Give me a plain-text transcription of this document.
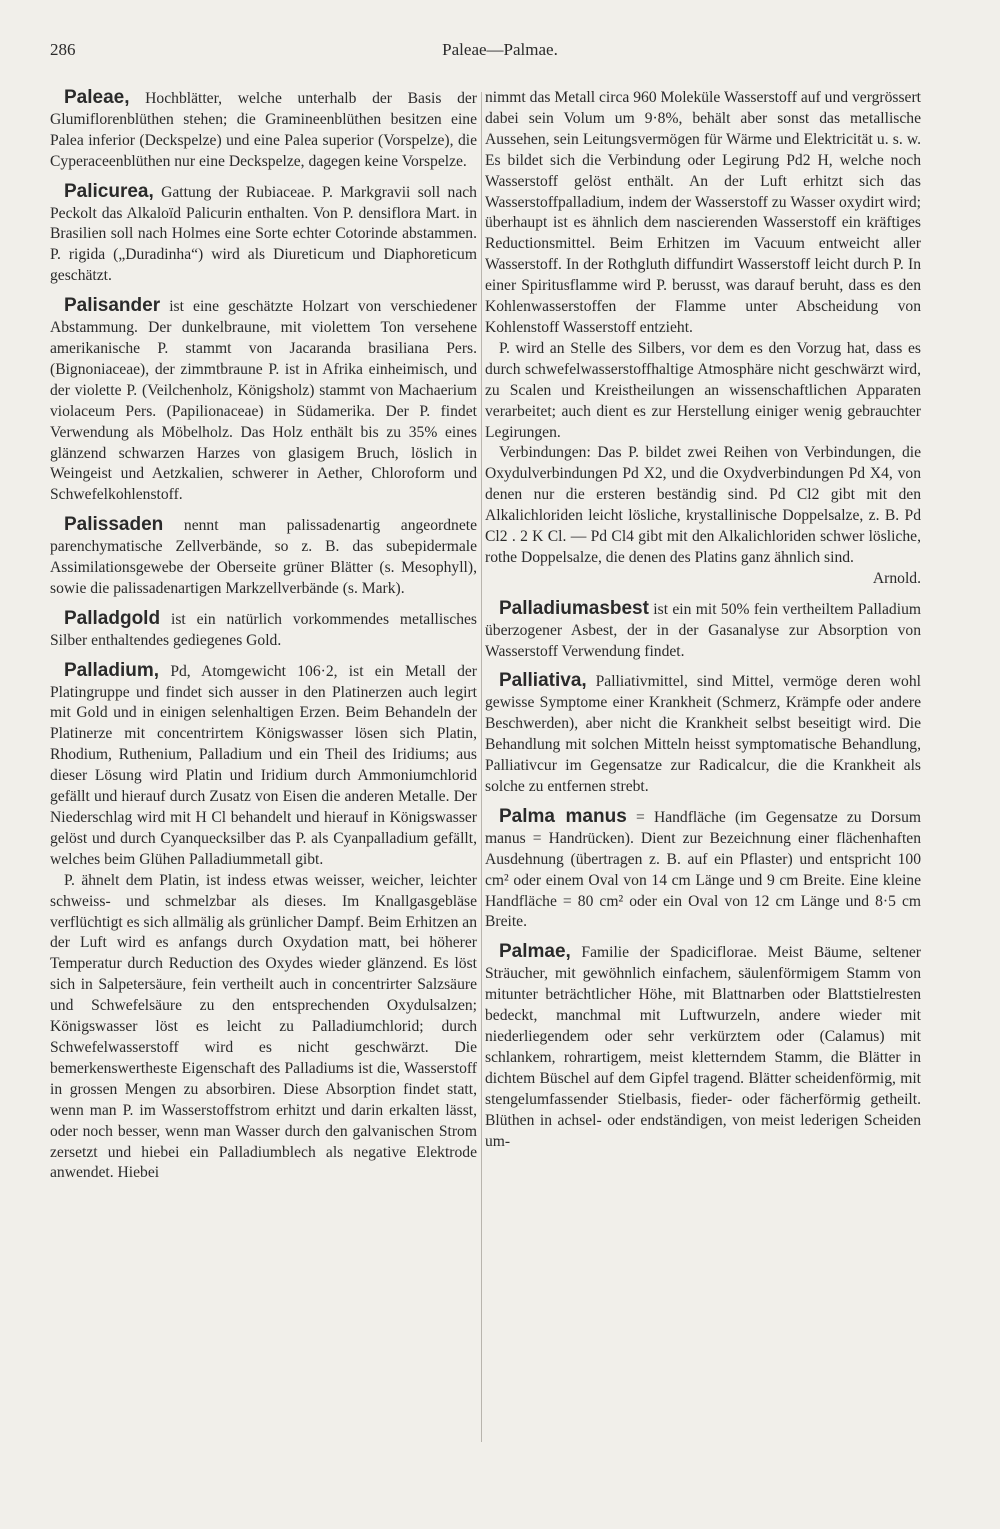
286	Paleae—Palmae.

Paleae, Hochblätter, welche unterhalb der Basis der Glumiflorenblüthen stehen; die Gramineenblüthen besitzen eine Palea inferior (Deckspelze) und eine Palea superior (Vorspelze), die Cyperaceenblüthen nur eine Deckspelze, dagegen keine Vorspelze.

Palicurea, Gattung der Rubiaceae. P. Markgravii soll nach Peckolt das Alkaloïd Palicurin enthalten. Von P. densiflora Mart. in Brasilien soll nach Holmes eine Sorte echter Cotorinde abstammen. P. rigida („Duradinha“) wird als Diureticum und Diaphoreticum geschätzt.

Palisander ist eine geschätzte Holzart von verschiedener Abstammung. Der dunkelbraune, mit violettem Ton versehene amerikanische P. stammt von Jacaranda brasiliana Pers. (Bignoniaceae), der zimmtbraune P. ist in Afrika einheimisch, und der violette P. (Veilchenholz, Königsholz) stammt von Machaerium violaceum Pers. (Papilionaceae) in Südamerika. Der P. findet Verwendung als Möbelholz. Das Holz enthält bis zu 35% eines glänzend schwarzen Harzes von glasigem Bruch, löslich in Weingeist und Aetzkalien, schwerer in Aether, Chloroform und Schwefelkohlenstoff.

Palissaden nennt man palissadenartig angeordnete parenchymatische Zellverbände, so z. B. das subepidermale Assimilationsgewebe der Oberseite grüner Blätter (s. Mesophyll), sowie die palissadenartigen Markzellverbände (s. Mark).

Palladgold ist ein natürlich vorkommendes metallisches Silber enthaltendes gediegenes Gold.

Palladium, Pd, Atomgewicht 106·2, ist ein Metall der Platingruppe und findet sich ausser in den Platinerzen auch legirt mit Gold und in einigen selenhaltigen Erzen. Beim Behandeln der Platinerze mit concentrirtem Königswasser lösen sich Platin, Rhodium, Ruthenium, Palladium und ein Theil des Iridiums; aus dieser Lösung wird Platin und Iridium durch Ammoniumchlorid gefällt und hierauf durch Zusatz von Eisen die anderen Metalle. Der Niederschlag wird mit H Cl behandelt und hierauf in Königswasser gelöst und durch Cyanquecksilber das P. als Cyanpalladium gefällt, welches beim Glühen Palladiummetall gibt.

P. ähnelt dem Platin, ist indess etwas weisser, weicher, leichter schweiss- und schmelzbar als dieses. Im Knallgasgebläse verflüchtigt es sich allmälig als grünlicher Dampf. Beim Erhitzen an der Luft wird es anfangs durch Oxydation matt, bei höherer Temperatur durch Reduction des Oxydes wieder glänzend. Es löst sich in Salpetersäure, fein vertheilt auch in concentrirter Salzsäure und Schwefelsäure zu den entsprechenden Oxydulsalzen; Königswasser löst es leicht zu Palladiumchlorid; durch Schwefelwasserstoff wird es nicht geschwärzt. Die bemerkenswertheste Eigenschaft des Palladiums ist die, Wasserstoff in grossen Mengen zu absorbiren. Diese Absorption findet statt, wenn man P. im Wasserstoffstrom erhitzt und darin erkalten lässt, oder noch besser, wenn man Wasser durch den galvanischen Strom zersetzt und hiebei ein Palladiumblech als negative Elektrode anwendet. Hiebei

nimmt das Metall circa 960 Moleküle Wasserstoff auf und vergrössert dabei sein Volum um 9·8%, behält aber sonst das metallische Aussehen, sein Leitungsvermögen für Wärme und Elektricität u. s. w. Es bildet sich die Verbindung oder Legirung Pd2 H, welche noch Wasserstoff gelöst enthält. An der Luft erhitzt sich das Wasserstoffpalladium, indem der Wasserstoff zu Wasser oxydirt wird; überhaupt ist es ähnlich dem nascierenden Wasserstoff ein kräftiges Reductionsmittel. Beim Erhitzen im Vacuum entweicht aller Wasserstoff. In der Rothgluth diffundirt Wasserstoff leicht durch P. In einer Spiritusflamme wird P. berusst, was darauf beruht, dass es den Kohlenwasserstoffen der Flamme unter Abscheidung von Kohlenstoff Wasserstoff entzieht.

P. wird an Stelle des Silbers, vor dem es den Vorzug hat, dass es durch schwefelwasserstoffhaltige Atmosphäre nicht geschwärzt wird, zu Scalen und Kreistheilungen an wissenschaftlichen Apparaten verarbeitet; auch dient es zur Herstellung einiger wenig gebrauchter Legirungen.

Verbindungen: Das P. bildet zwei Reihen von Verbindungen, die Oxydulverbindungen Pd X2, und die Oxydverbindungen Pd X4, von denen nur die ersteren beständig sind. Pd Cl2 gibt mit den Alkalichloriden leicht lösliche, krystallinische Doppelsalze, z. B. Pd Cl2 . 2 K Cl. — Pd Cl4 gibt mit den Alkalichloriden schwer lösliche, rothe Doppelsalze, die denen des Platins ganz ähnlich sind.

Arnold.

Palladiumasbest ist ein mit 50% fein vertheiltem Palladium überzogener Asbest, der in der Gasanalyse zur Absorption von Wasserstoff Verwendung findet.

Palliativa, Palliativmittel, sind Mittel, vermöge deren wohl gewisse Symptome einer Krankheit (Schmerz, Krämpfe oder andere Beschwerden), aber nicht die Krankheit selbst beseitigt wird. Die Behandlung mit solchen Mitteln heisst symptomatische Behandlung, Palliativcur im Gegensatze zur Radicalcur, die die Krankheit als solche zu entfernen strebt.

Palma manus = Handfläche (im Gegensatze zu Dorsum manus = Handrücken). Dient zur Bezeichnung einer flächenhaften Ausdehnung (übertragen z. B. auf ein Pflaster) und entspricht 100 cm² oder einem Oval von 14 cm Länge und 9 cm Breite. Eine kleine Handfläche = 80 cm² oder ein Oval von 12 cm Länge und 8·5 cm Breite.

Palmae, Familie der Spadiciflorae. Meist Bäume, seltener Sträucher, mit gewöhnlich einfachem, säulenförmigem Stamm von mitunter beträchtlicher Höhe, mit Blattnarben oder Blattstielresten bedeckt, manchmal mit Luftwurzeln, andere wieder mit niederliegendem oder sehr verkürztem oder (Calamus) mit schlankem, rohrartigem, meist kletterndem Stamm, die Blätter in dichtem Büschel auf dem Gipfel tragend. Blätter scheidenförmig, mit stengelumfassender Stielbasis, fieder- oder fächerförmig getheilt. Blüthen in achsel- oder endständigen, von meist lederigen Scheiden um-
